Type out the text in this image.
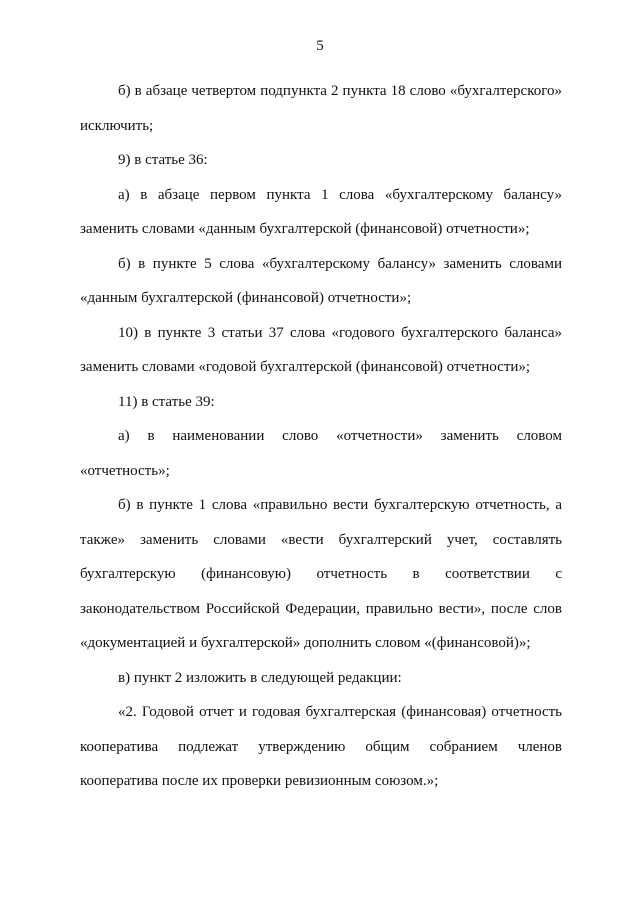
5

б) в абзаце четвертом подпункта 2 пункта 18 слово «бухгалтерского» исключить;

9) в статье 36:

а) в абзаце первом пункта 1 слова «бухгалтерскому балансу» заменить словами «данным бухгалтерской (финансовой) отчетности»;

б) в пункте 5 слова «бухгалтерскому балансу» заменить словами «данным бухгалтерской (финансовой) отчетности»;

10) в пункте 3 статьи 37 слова «годового бухгалтерского баланса» заменить словами «годовой бухгалтерской (финансовой) отчетности»;

11) в статье 39:

а) в наименовании слово «отчетности» заменить словом «отчетность»;

б) в пункте 1 слова «правильно вести бухгалтерскую отчетность, а также» заменить словами «вести бухгалтерский учет, составлять бухгалтерскую (финансовую) отчетность в соответствии с законодательством Российской Федерации, правильно вести», после слов «документацией и бухгалтерской» дополнить словом «(финансовой)»;

в) пункт 2 изложить в следующей редакции:

«2. Годовой отчет и годовая бухгалтерская (финансовая) отчетность кооператива подлежат утверждению общим собранием членов кооператива после их проверки ревизионным союзом.»;
